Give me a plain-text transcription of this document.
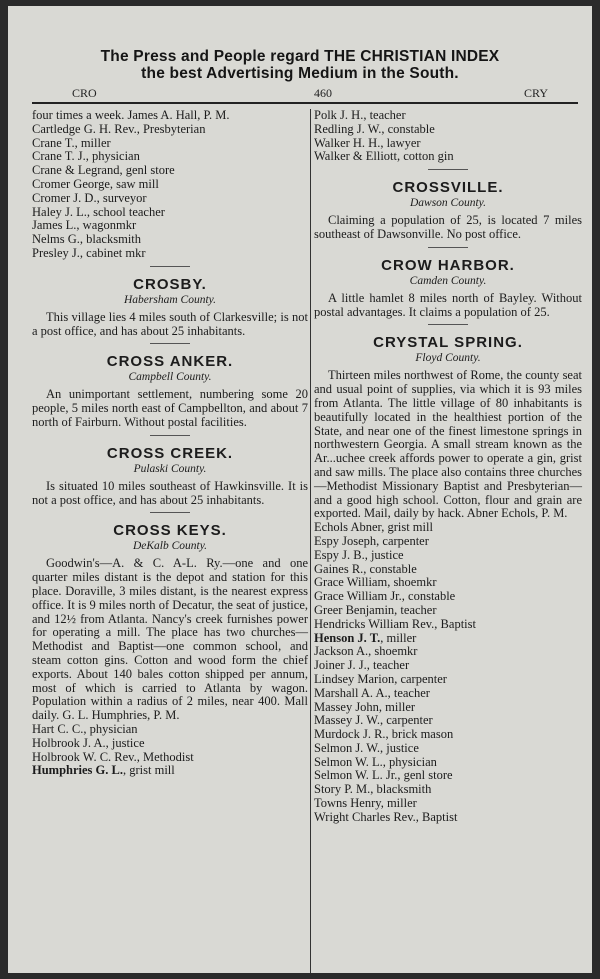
The Press and People regard THE CHRISTIAN INDEX
the best Advertising Medium in the South.
CRO	460	CRY

four times a week. James A. Hall, P. M.

Cartledge G. H. Rev., Presbyterian

Crane T., miller

Crane T. J., physician

Crane & Legrand, genl store

Cromer George, saw mill

Cromer J. D., surveyor

Haley J. L., school teacher

James L., wagonmkr

Nelms G., blacksmith

Presley J., cabinet mkr

CROSBY.
Habersham County.

This village lies 4 miles south of Clarkesville; is not a post office, and has about 25 inhabitants.

CROSS ANKER.
Campbell County.

An unimportant settlement, numbering some 20 people, 5 miles north east of Campbellton, and about 7 north of Fairburn. Without postal facilities.

CROSS CREEK.
Pulaski County.

Is situated 10 miles southeast of Hawkinsville. It is not a post office, and has about 25 inhabitants.

CROSS KEYS.
DeKalb County.

Goodwin's—A. & C. A-L. Ry.—one and one quarter miles distant is the depot and station for this place. Doraville, 3 miles distant, is the nearest express office. It is 9 miles north of Decatur, the seat of justice, and 12½ from Atlanta. Nancy's creek furnishes power for operating a mill. The place has two churches—Methodist and Baptist—one common school, and steam cotton gins. Cotton and wood form the chief exports. About 140 bales cotton shipped per annum, most of which is carried to Atlanta by wagon. Population within a radius of 2 miles, near 400. Mall daily. G. L. Humphries, P. M.

Hart C. C., physician

Holbrook J. A., justice

Holbrook W. C. Rev., Methodist

Humphries G. L., grist mill

Polk J. H., teacher

Redling J. W., constable

Walker H. H., lawyer

Walker & Elliott, cotton gin

CROSSVILLE.
Dawson County.

Claiming a population of 25, is located 7 miles southeast of Dawsonville. No post office.

CROW HARBOR.
Camden County.

A little hamlet 8 miles north of Bayley. Without postal advantages. It claims a population of 25.

CRYSTAL SPRING.
Floyd County.

Thirteen miles northwest of Rome, the county seat and usual point of supplies, via which it is 93 miles from Atlanta. The little village of 80 inhabitants is beautifully located in the healthiest portion of the State, and near one of the finest limestone springs in northwestern Georgia. A small stream known as the Ar...uchee creek affords power to operate a gin, grist and saw mills. The place also contains three churches—Methodist Missionary Baptist and Presbyterian—and a good high school. Cotton, flour and grain are exported. Mail, daily by hack. Abner Echols, P. M.

Echols Abner, grist mill

Espy Joseph, carpenter

Espy J. B., justice

Gaines R., constable

Grace William, shoemkr

Grace William Jr., constable

Greer Benjamin, teacher

Hendricks William Rev., Baptist

Henson J. T., miller

Jackson A., shoemkr

Joiner J. J., teacher

Lindsey Marion, carpenter

Marshall A. A., teacher

Massey John, miller

Massey J. W., carpenter

Murdock J. R., brick mason

Selmon J. W., justice

Selmon W. L., physician

Selmon W. L. Jr., genl store

Story P. M., blacksmith

Towns Henry, miller

Wright Charles Rev., Baptist
